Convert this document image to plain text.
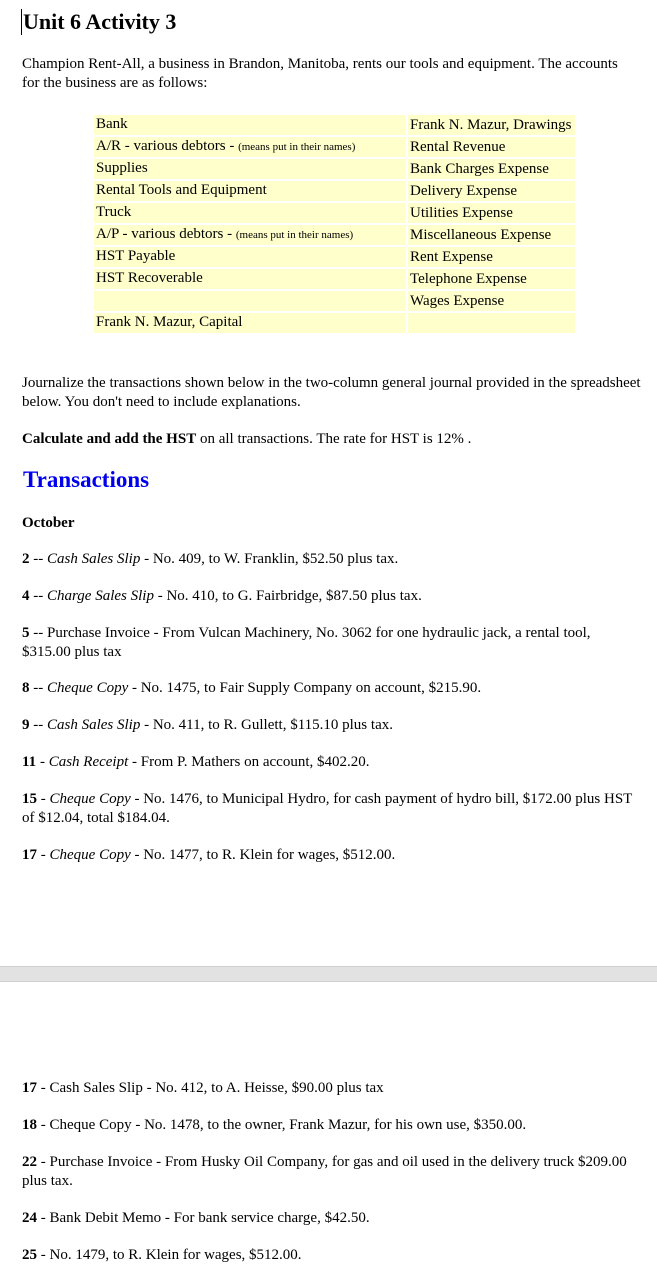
Unit 6 Activity 3

Champion Rent-All, a business in Brandon, Manitoba, rents our tools and equipment. The accounts for the business are as follows:

Bank	Frank N. Mazur, Drawings
A/R - various debtors - (means put in their names)	Rental Revenue
Supplies	Bank Charges Expense
Rental Tools and Equipment	Delivery Expense
Truck	Utilities Expense
A/P - various debtors - (means put in their names)	Miscellaneous Expense
HST Payable	Rent Expense
HST Recoverable	Telephone Expense
	Wages Expense
Frank N. Mazur, Capital	

Journalize the transactions shown below in the two-column general journal provided in the spreadsheet below. You don't need to include explanations.

Calculate and add the HST on all transactions. The rate for HST is 12% .

Transactions

October

2 -- Cash Sales Slip - No. 409, to W. Franklin, $52.50 plus tax.

4 -- Charge Sales Slip - No. 410, to G. Fairbridge, $87.50 plus tax.

5 -- Purchase Invoice - From Vulcan Machinery, No. 3062 for one hydraulic jack, a rental tool, $315.00 plus tax

8 -- Cheque Copy - No. 1475, to Fair Supply Company on account, $215.90.

9 -- Cash Sales Slip - No. 411, to R. Gullett, $115.10 plus tax.

11 - Cash Receipt - From P. Mathers on account, $402.20.

15 - Cheque Copy - No. 1476, to Municipal Hydro, for cash payment of hydro bill, $172.00 plus HST of $12.04, total $184.04.

17 - Cheque Copy - No. 1477, to R. Klein for wages, $512.00.

17 - Cash Sales Slip - No. 412, to A. Heisse, $90.00 plus tax

18 - Cheque Copy - No. 1478, to the owner, Frank Mazur, for his own use, $350.00.

22 - Purchase Invoice - From Husky Oil Company, for gas and oil used in the delivery truck $209.00 plus tax.

24 - Bank Debit Memo - For bank service charge, $42.50.

25 - No. 1479, to R. Klein for wages, $512.00.
